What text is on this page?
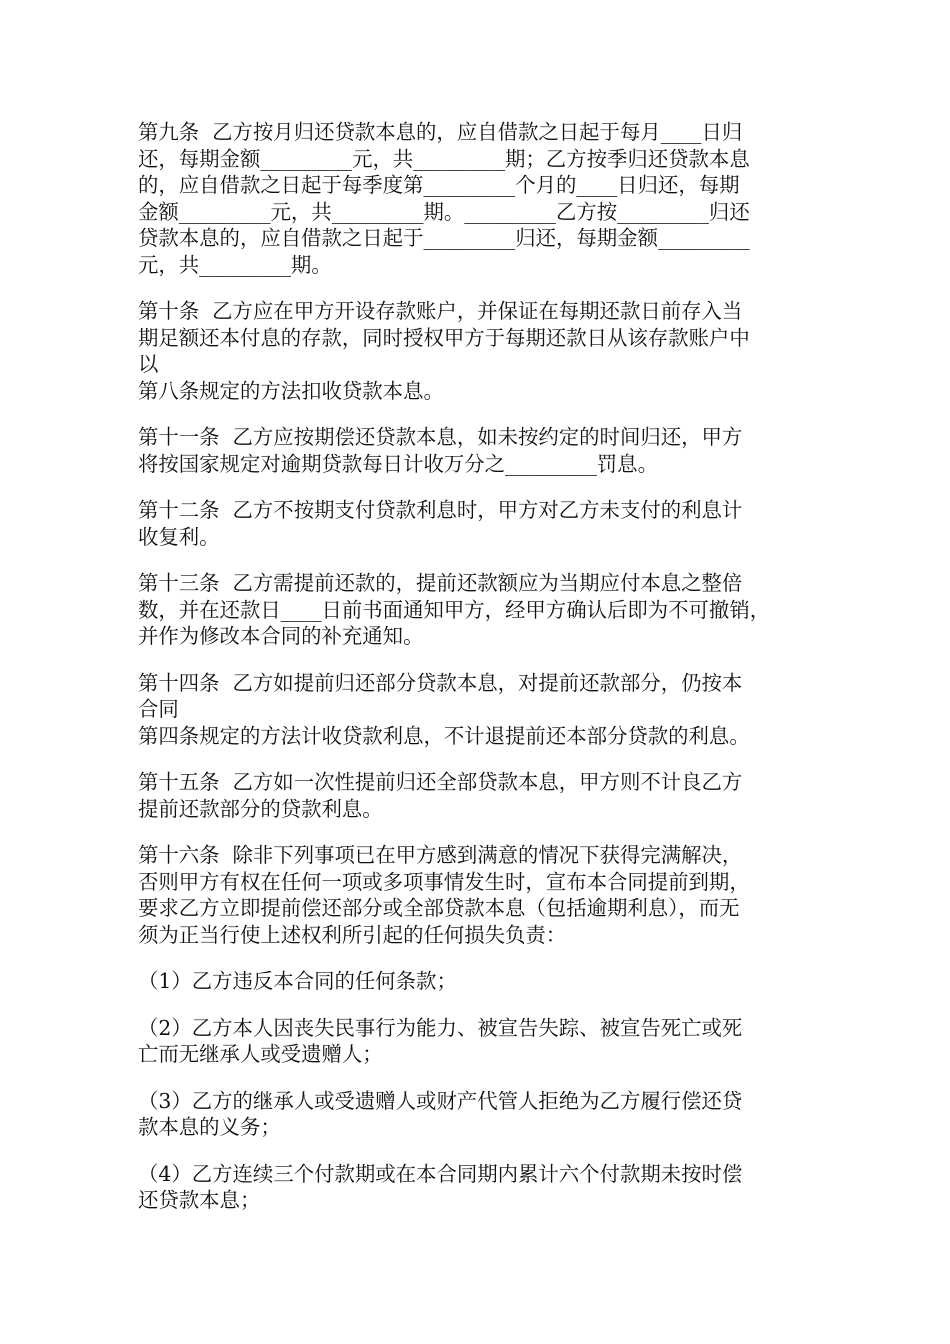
第九条  乙方按月归还贷款本息的，应自借款之日起于每月____日归
还，每期金额_________元，共_________期；乙方按季归还贷款本息
的，应自借款之日起于每季度第_________个月的____日归还，每期
金额_________元，共_________期。_________乙方按_________归还
贷款本息的，应自借款之日起于_________归还，每期金额_________
元，共_________期。
第十条  乙方应在甲方开设存款账户，并保证在每期还款日前存入当
期足额还本付息的存款，同时授权甲方于每期还款日从该存款账户中
以
第八条规定的方法扣收贷款本息。
第十一条  乙方应按期偿还贷款本息，如未按约定的时间归还，甲方
将按国家规定对逾期贷款每日计收万分之_________罚息。
第十二条  乙方不按期支付贷款利息时，甲方对乙方未支付的利息计
收复利。
第十三条  乙方需提前还款的，提前还款额应为当期应付本息之整倍
数，并在还款日____日前书面通知甲方，经甲方确认后即为不可撤销，
并作为修改本合同的补充通知。
第十四条  乙方如提前归还部分贷款本息，对提前还款部分，仍按本
合同
第四条规定的方法计收贷款利息，不计退提前还本部分贷款的利息。
第十五条  乙方如一次性提前归还全部贷款本息，甲方则不计良乙方
提前还款部分的贷款利息。
第十六条  除非下列事项已在甲方感到满意的情况下获得完满解决，
否则甲方有权在任何一项或多项事情发生时，宣布本合同提前到期，
要求乙方立即提前偿还部分或全部贷款本息（包括逾期利息），而无
须为正当行使上述权利所引起的任何损失负责：
（1）乙方违反本合同的任何条款；
（2）乙方本人因丧失民事行为能力、被宣告失踪、被宣告死亡或死
亡而无继承人或受遗赠人；
（3）乙方的继承人或受遗赠人或财产代管人拒绝为乙方履行偿还贷
款本息的义务；
（4）乙方连续三个付款期或在本合同期内累计六个付款期未按时偿
还贷款本息；
